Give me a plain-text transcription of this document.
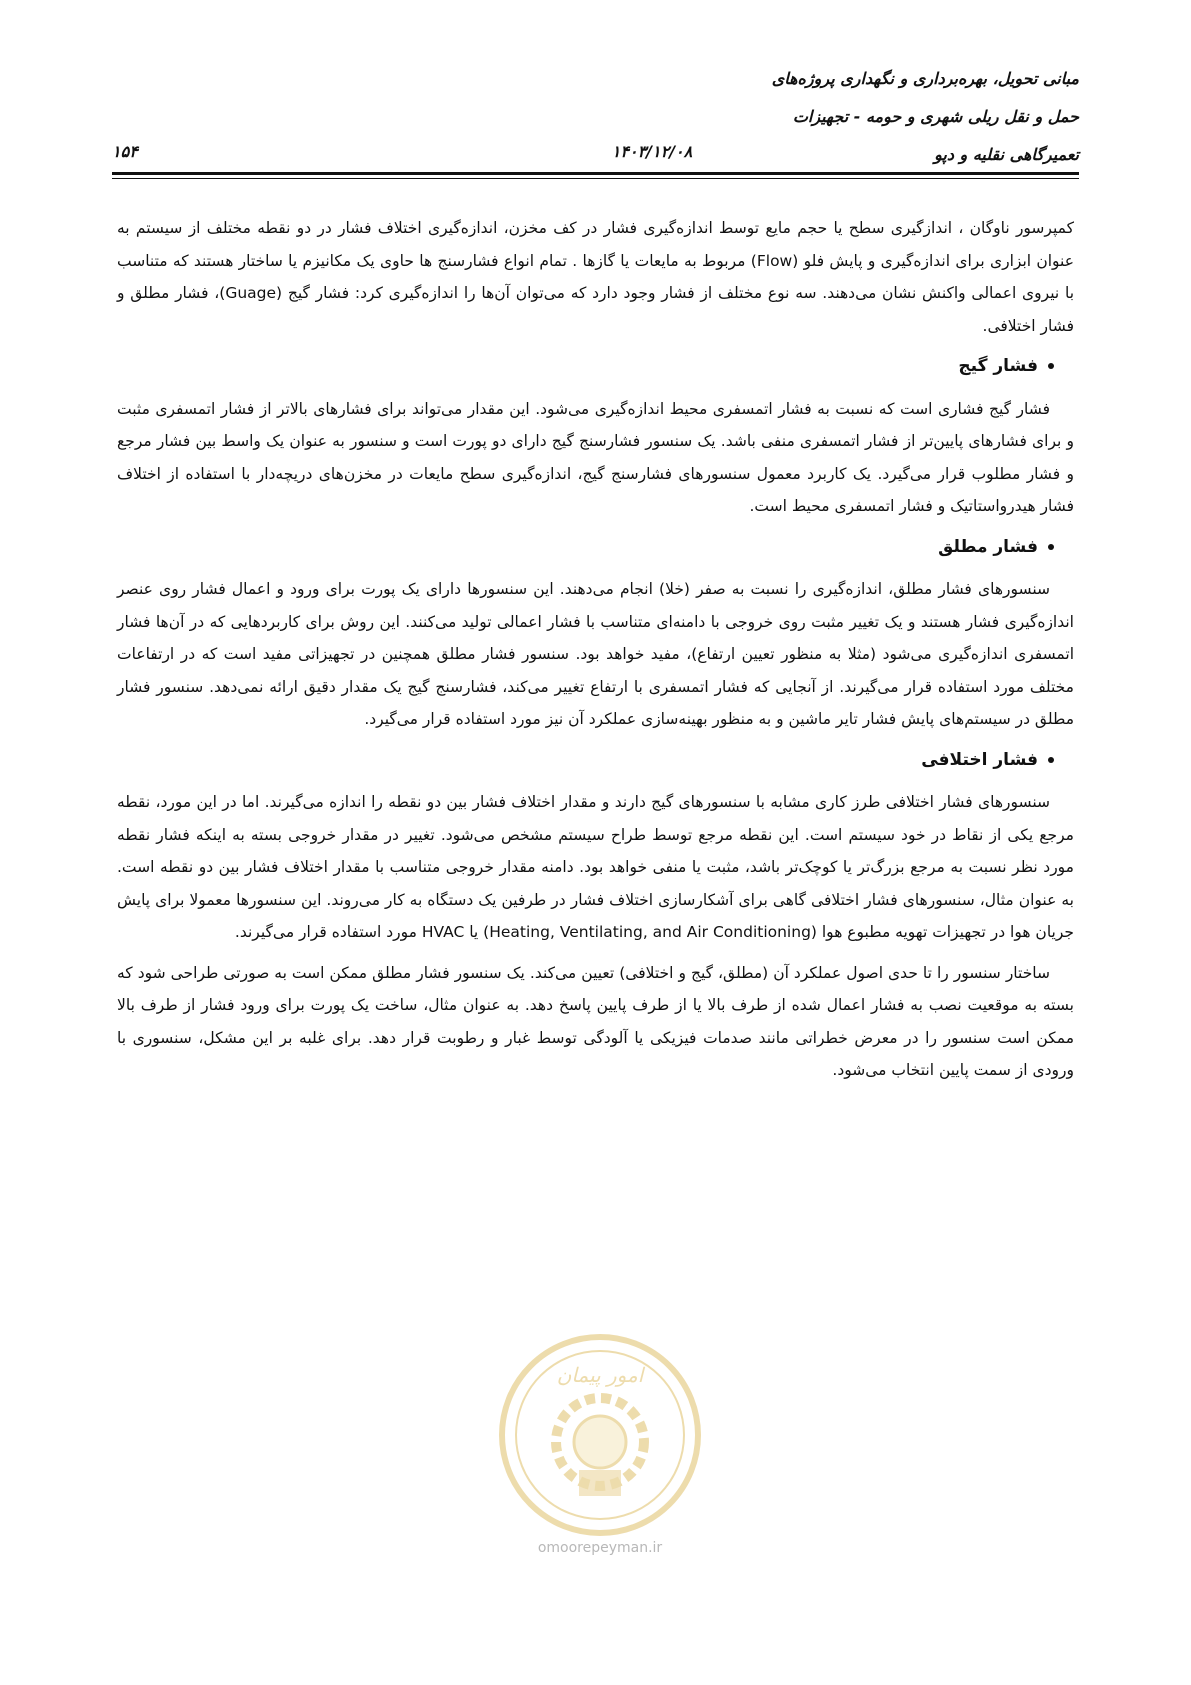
مبانی تحویل، بهره‌برداری و نگهداری پروژه‌های
حمل و نقل ریلی شهری و حومه - تجهیزات
تعمیرگاهی نقلیه و دپو
۱۴۰۳/۱۲/۰۸
۱۵۴

کمپرسور ناوگان ، اندازگیری سطح یا حجم مایع توسط اندازه‌گیری فشار در کف مخزن، اندازه‌گیری اختلاف فشار در دو نقطه مختلف از سیستم به عنوان ابزاری برای اندازه‌گیری و پایش فلو (Flow) مربوط به مایعات یا گازها . تمام انواع فشارسنج ها حاوی یک مکانیزم یا ساختار هستند که متناسب با نیروی اعمالی واکنش نشان می‌دهند. سه نوع مختلف از فشار وجود دارد که می‌توان آن‌ها را اندازه‌گیری کرد: فشار گیج (Guage)، فشار مطلق و فشار اختلافی.

فشار گیج

فشار گیج فشاری است که نسبت به فشار اتمسفری محیط اندازه‌گیری می‌شود. این مقدار می‌تواند برای فشارهای بالاتر از فشار اتمسفری مثبت و برای فشارهای پایین‌تر از فشار اتمسفری منفی باشد. یک سنسور فشارسنج گیج دارای دو پورت است و سنسور به عنوان یک واسط بین فشار مرجع و فشار مطلوب قرار می‌گیرد. یک کاربرد معمول سنسورهای فشارسنج گیج، اندازه‌گیری سطح مایعات در مخزن‌های دریچه‌دار با استفاده از اختلاف فشار هیدرواستاتیک و فشار اتمسفری محیط است.

فشار مطلق

سنسورهای فشار مطلق، اندازه‌گیری را نسبت به صفر (خلا) انجام می‌دهند. این سنسورها دارای یک پورت برای ورود و اعمال فشار روی عنصر اندازه‌گیری فشار هستند و یک تغییر مثبت روی خروجی با دامنه‌ای متناسب با فشار اعمالی تولید می‌کنند. این روش برای کاربردهایی که در آن‌ها فشار اتمسفری اندازه‌گیری می‌شود (مثلا به منظور تعیین ارتفاع)، مفید خواهد بود. سنسور فشار مطلق همچنین در تجهیزاتی مفید است که در ارتفاعات مختلف مورد استفاده قرار می‌گیرند. از آنجایی که فشار اتمسفری با ارتفاع تغییر می‌کند، فشارسنج گیج یک مقدار دقیق ارائه نمی‌دهد. سنسور فشار مطلق در سیستم‌های پایش فشار تایر ماشین و به منظور بهینه‌سازی عملکرد آن نیز مورد استفاده قرار می‌گیرد.

فشار اختلافی

سنسورهای فشار اختلافی طرز کاری مشابه با سنسورهای گیج دارند و مقدار اختلاف فشار بین دو نقطه را اندازه می‌گیرند. اما در این مورد، نقطه مرجع یکی از نقاط در خود سیستم است. این نقطه مرجع توسط طراح سیستم مشخص می‌شود. تغییر در مقدار خروجی بسته به اینکه فشار نقطه مورد نظر نسبت به مرجع بزرگ‌تر یا کوچک‌تر باشد، مثبت یا منفی خواهد بود. دامنه مقدار خروجی متناسب با مقدار اختلاف فشار بین دو نقطه است. به عنوان مثال، سنسورهای فشار اختلافی گاهی برای آشکارسازی اختلاف فشار در طرفین یک دستگاه به کار می‌روند. این سنسورها معمولا برای پایش جریان هوا در تجهیزات تهویه مطبوع هوا (Heating, Ventilating, and Air Conditioning) یا HVAC مورد استفاده قرار می‌گیرند.

ساختار سنسور را تا حدی اصول عملکرد آن (مطلق، گیج و اختلافی) تعیین می‌کند. یک سنسور فشار مطلق ممکن است به صورتی طراحی شود که بسته به موقعیت نصب به فشار اعمال شده از طرف بالا یا از طرف پایین پاسخ دهد. به عنوان مثال، ساخت یک پورت برای ورود فشار از طرف بالا ممکن است سنسور را در معرض خطراتی مانند صدمات فیزیکی یا آلودگی توسط غبار و رطوبت قرار دهد. برای غلبه بر این مشکل، سنسوری با ورودی از سمت پایین انتخاب می‌شود.

امور پیمان
omoorepeyman.ir
